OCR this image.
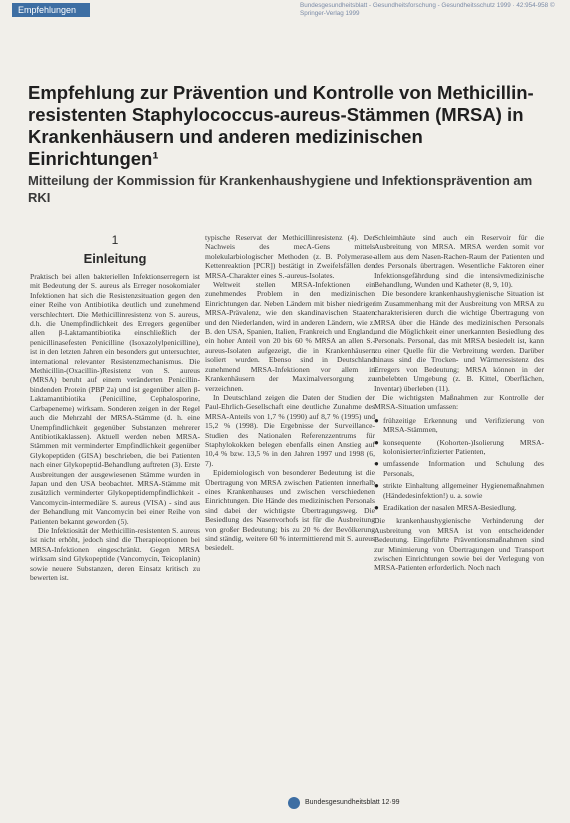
Empfehlungen	Bundesgesundheitsblatt - Gesundheitsforschung - Gesundheitsschutz 1999 · 42:954-958 © Springer-Verlag 1999
Empfehlung zur Prävention und Kontrolle von Methicillin-resistenten Staphylococcus-aureus-Stämmen (MRSA) in Krankenhäusern und anderen medizinischen Einrichtungen¹
Mitteilung der Kommission für Krankenhaushygiene und Infektionsprävention am RKI
1
Einleitung

Praktisch bei allen bakteriellen Infektionserregern ist mit Bedeutung der S. aureus als Erreger nosokomialer Infektionen hat sich die Resistenzsituation gegen den einer Reihe von Antibiotika deutlich und zunehmend verschlechtert. Die Methicillinresistenz von S. aureus, d.h. die Unempfindlichkeit des Erregers gegenüber allen β-Laktamantibiotika einschließlich der penicillinasefesten Penicilline (Isoxazolylpenicilline), ist in den letzten Jahren ein besonders gut untersuchter, international relevanter Resistenzmechanismus. Die Methicillin-(Oxacillin-)Resistenz von S. aureus (MRSA) beruht auf einem veränderten Penicillin-bindenden Protein (PBP 2a) und ist gegenüber allen β-Laktamantibiotika (Penicilline, Cephalosporine, Carbapeneme) wirksam. Sonderen zeigen in der Regel auch die Mehrzahl der MRSA-Stämme (d. h. eine Unempfindlichkeit gegenüber Substanzen mehrerer Antibiotikaklassen). Aktuell werden neben MRSA-Stämmen mit verminderter Empfindlichkeit gegenüber Glykopeptiden (GISA) beschrieben, die bei Patienten nach einer Glykopeptid-Behandlung auftreten (3). Erste Ausbreitungen der ausgewiesenen Stämme wurden in Japan und den USA beobachtet. MRSA-Stämme mit zusätzlich verminderter Glykopeptidempfindlichkeit - Vancomycin-intermediäre S. aureus (VISA) - sind aus der Behandlung mit Vancomycin bei einer Reihe von Patienten bekannt geworden (5).

Die Infektiosität der Methicillin-resistenten S. aureus ist nicht erhöht, jedoch sind die Therapieoptionen bei MRSA-Infektionen eingeschränkt. Gegen MRSA wirksam sind Glykopeptide (Vancomycin, Teicoplanin) sowie neuere Substanzen, deren Einsatz kritisch zu bewerten ist.

typische Reservat der Methicillinresistenz (4). Der Nachweis des mecA-Gens mittels molekularbiologischer Methoden (z. B. Polymerase-Kettenreaktion [PCR]) bestätigt in Zweifelsfällen den MRSA-Charakter eines S.-aureus-Isolates.

Weltweit stellen MRSA-Infektionen ein zunehmendes Problem in den medizinischen Einrichtungen dar. Neben Ländern mit bisher niedriger MRSA-Prävalenz, wie den skandinavischen Staaten und den Niederlanden, wird in anderen Ländern, wie z. B. den USA, Spanien, Italien, Frankreich und England, ein hoher Anteil von 20 bis 60 % MRSA an allen S.-aureus-Isolaten aufgezeigt, die in Krankenhäusern isoliert wurden. Ebenso sind in Deutschland zunehmend MRSA-Infektionen vor allem in Krankenhäusern der Maximalversorgung zu verzeichnen.

In Deutschland zeigen die Daten der Studien der Paul-Ehrlich-Gesellschaft eine deutliche Zunahme des MRSA-Anteils von 1,7 % (1990) auf 8,7 % (1995) und 15,2 % (1998). Die Ergebnisse der Surveillance-Studien des Nationalen Referenzzentrums für Staphylokokken belegen ebenfalls einen Anstieg auf 10,4 % bzw. 13,5 % in den Jahren 1997 und 1998 (6, 7).

Epidemiologisch von besonderer Bedeutung ist die Übertragung von MRSA zwischen Patienten innerhalb eines Krankenhauses und zwischen verschiedenen Einrichtungen. Die Hände des medizinischen Personals sind dabei der wichtigste Übertragungsweg. Die Besiedlung des Nasenvorhofs ist für die Ausbreitung von großer Bedeutung; bis zu 20 % der Bevölkerung sind ständig, weitere 60 % intermittierend mit S. aureus besiedelt.

Schleimhäute sind auch ein Reservoir für die Ausbreitung von MRSA. MRSA werden somit vor allem aus dem Nasen-Rachen-Raum der Patienten und des Personals übertragen. Wesentliche Faktoren einer Infektionsgefährdung sind die intensivmedizinische Behandlung, Wunden und Katheter (8, 9, 10).

Die besondere krankenhaushygienische Situation ist im Zusammenhang mit der Ausbreitung von MRSA zu charakterisieren durch die wichtige Übertragung von MRSA über die Hände des medizinischen Personals und die Möglichkeit einer unerkannten Besiedlung des Personals. Personal, das mit MRSA besiedelt ist, kann zu einer Quelle für die Verbreitung werden. Darüber hinaus sind die Trocken- und Wärmeresistenz des Erregers von Bedeutung; MRSA können in der unbelebten Umgebung (z. B. Kittel, Oberflächen, Inventar) überleben (11).

Die wichtigsten Maßnahmen zur Kontrolle der MRSA-Situation umfassen:

● frühzeitige Erkennung und Verifizierung von MRSA-Stämmen,
● konsequente (Kohorten-)Isolierung MRSA-kolonisierter/infizierter Patienten,
● umfassende Information und Schulung des Personals,
● strikte Einhaltung allgemeiner Hygienemaßnahmen (Händedesinfektion!) u. a. sowie
● Eradikation der nasalen MRSA-Besiedlung.

Die krankenhaushygienische Verhinderung der Ausbreitung von MRSA ist von entscheidender Bedeutung. Eingeführte Präventionsmaßnahmen sind zur Minimierung von Übertragungen und Transport zwischen Einrichtungen sowie bei der Verlegung von MRSA-Patienten erforderlich. Noch nach

Bundesgesundheitsblatt 12·99
